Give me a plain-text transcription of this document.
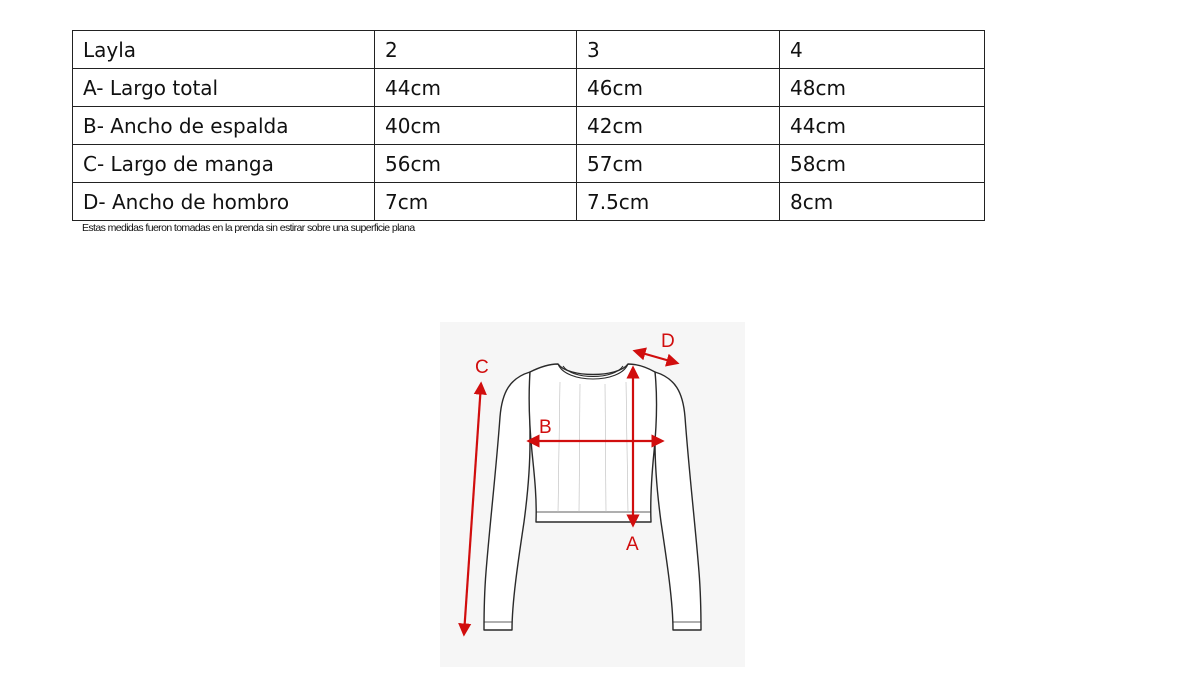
Layla	2	3	4
A- Largo total	44cm	46cm	48cm
B- Ancho de espalda	40cm	42cm	44cm
C- Largo de manga	56cm	57cm	58cm
D- Ancho de hombro	7cm	7.5cm	8cm
Estas medidas fueron tomadas en la prenda sin estirar sobre una superficie plana
A
B
C
D
